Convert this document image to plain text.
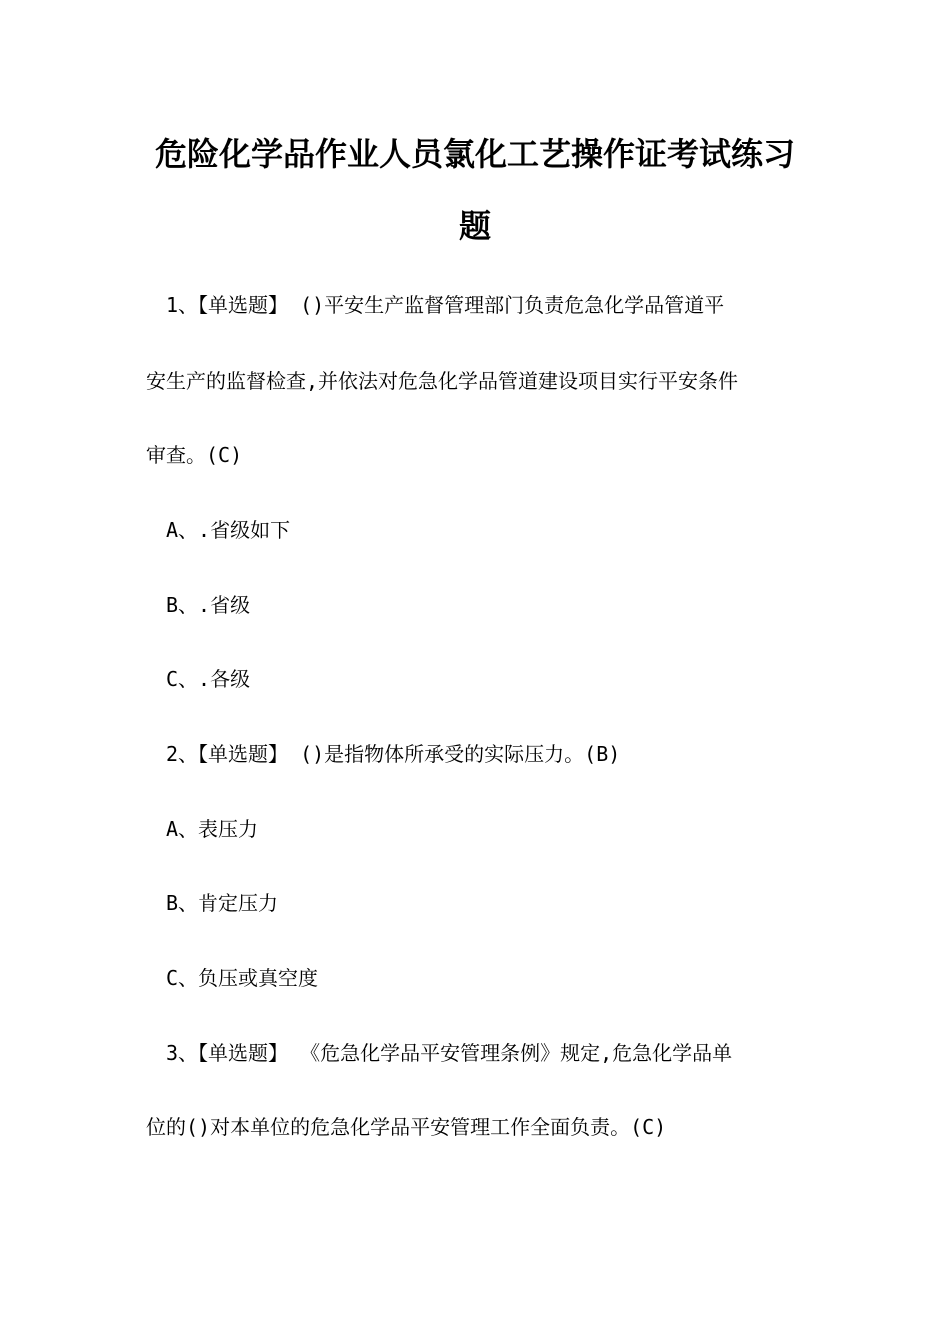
危险化学品作业人员氯化工艺操作证考试练习
题

1、【单选题】 ()平安生产监督管理部门负责危急化学品管道平

安生产的监督检查,并依法对危急化学品管道建设项目实行平安条件

审查。(C)

A、.省级如下

B、.省级

C、.各级

2、【单选题】 ()是指物体所承受的实际压力。(B)

A、表压力

B、肯定压力

C、负压或真空度

3、【单选题】 《危急化学品平安管理条例》规定,危急化学品单

位的()对本单位的危急化学品平安管理工作全面负责。(C)
